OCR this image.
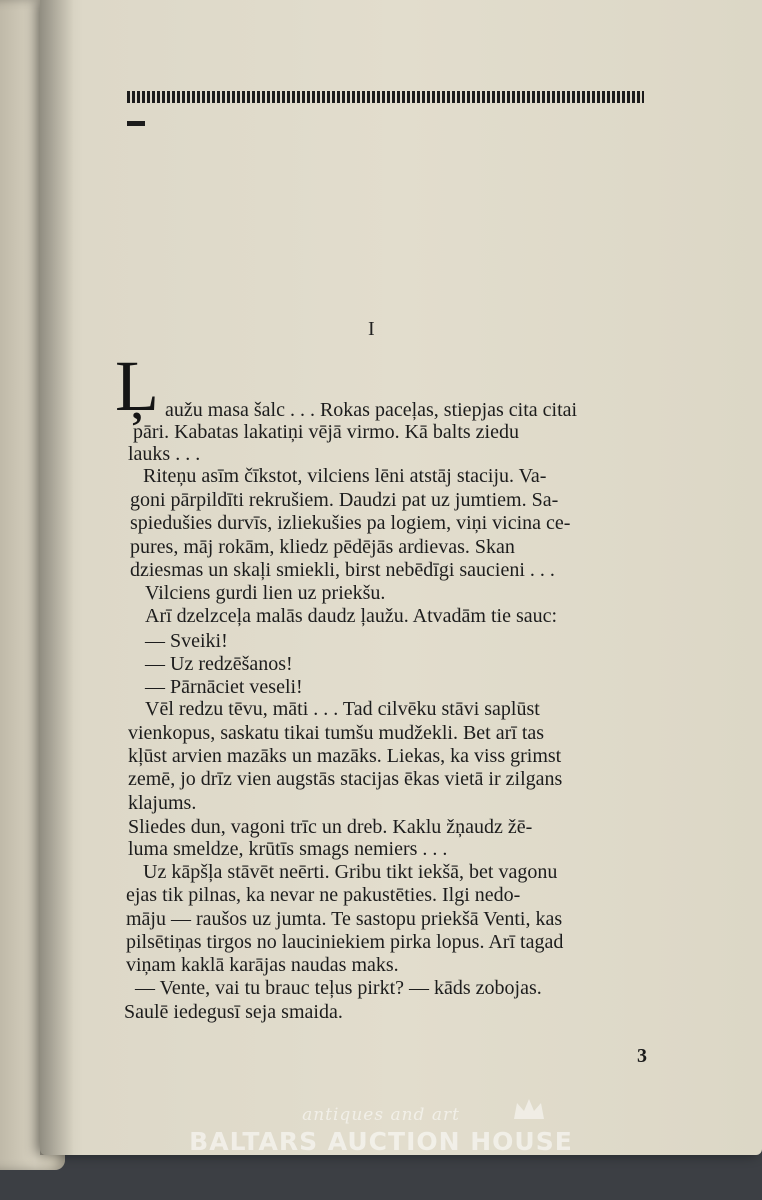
I
Ļ aužu masa šalc . . . Rokas paceļas, stiepjas cita citai
pāri. Kabatas lakatiņi vējā virmo. Kā balts ziedu
lauks . . .
Riteņu asīm čīkstot, vilciens lēni atstāj staciju. Va-
goni pārpildīti rekrušiem. Daudzi pat uz jumtiem. Sa-
spiedušies durvīs, izliekušies pa logiem, viņi vicina ce-
pures, māj rokām, kliedz pēdējās ardievas. Skan
dziesmas un skaļi smiekli, birst nebēdīgi saucieni . . .
Vilciens gurdi lien uz priekšu.
Arī dzelzceļa malās daudz ļaužu. Atvadām tie sauc:
— Sveiki!
— Uz redzēšanos!
— Pārnāciet veseli!
Vēl redzu tēvu, māti . . . Tad cilvēku stāvi saplūst
vienkopus, saskatu tikai tumšu mudžekli. Bet arī tas
kļūst arvien mazāks un mazāks. Liekas, ka viss grimst
zemē, jo drīz vien augstās stacijas ēkas vietā ir zilgans
klajums.
Sliedes dun, vagoni trīc un dreb. Kaklu žņaudz žē-
luma smeldze, krūtīs smags nemiers . . .
Uz kāpšļa stāvēt neērti. Gribu tikt iekšā, bet vagonu
ejas tik pilnas, ka nevar ne pakustēties. Ilgi nedo-
māju — raušos uz jumta. Te sastopu priekšā Venti, kas
pilsētiņas tirgos no lauciniekiem pirka lopus. Arī tagad
viņam kaklā karājas naudas maks.
— Vente, vai tu brauc teļus pirkt? — kāds zobojas.
Saulē iedegusī seja smaida.
3
antiques and art
BALTARS AUCTION HOUSE
